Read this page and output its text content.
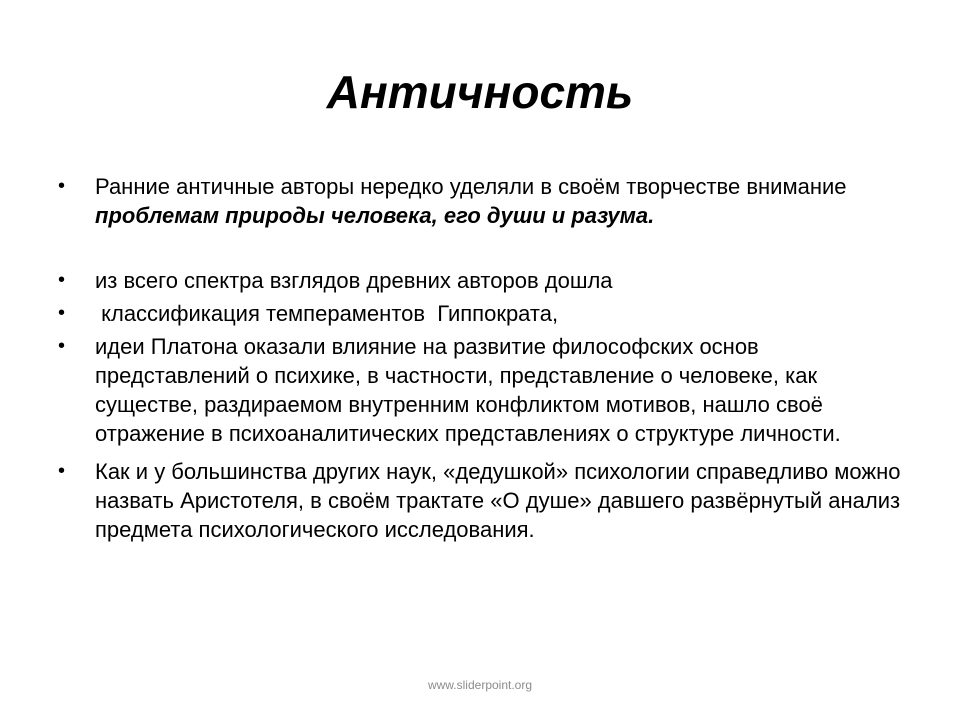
Античность
•	Ранние античные авторы нередко уделяли в своём творчестве внимание проблемам природы человека, его души и разума.
•	из всего спектра взглядов древних авторов дошла
•	классификация темпераментов  Гиппократа,
•	идеи Платона оказали влияние на развитие философских основ представлений о психике, в частности, представление о человеке, как существе, раздираемом внутренним конфликтом мотивов, нашло своё отражение в психоаналитических представлениях о структуре личности.
•	Как и у большинства других наук, «дедушкой» психологии справедливо можно назвать Аристотеля, в своём трактате «О душе» давшего развёрнутый анализ предмета психологического исследования.
www.sliderpoint.org
